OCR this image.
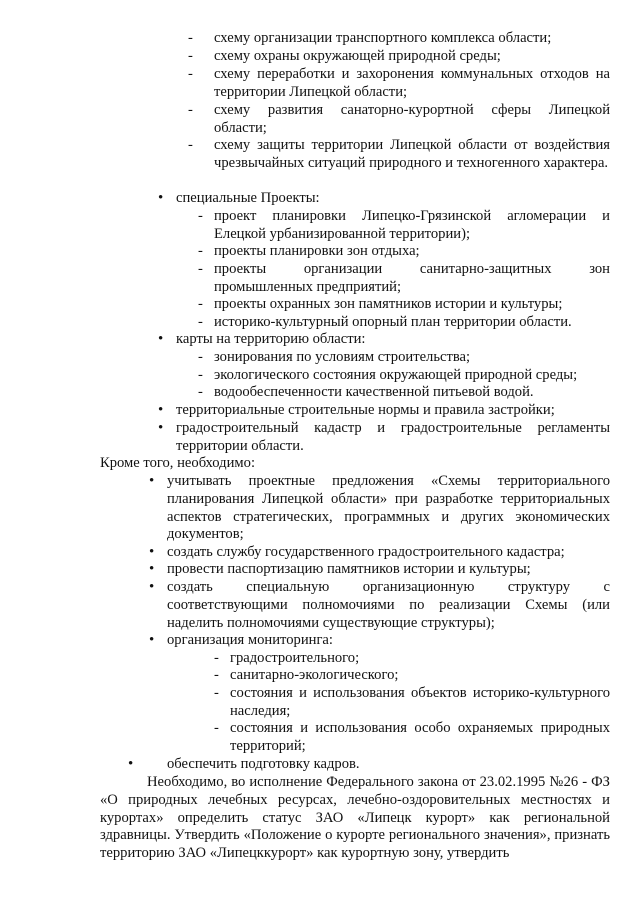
- схему организации транспортного комплекса области;
- схему охраны окружающей природной среды;
- схему переработки и захоронения коммунальных отходов на территории Липецкой области;
- схему развития санаторно-курортной сферы Липецкой области;
- схему защиты территории Липецкой области от воздействия чрезвычайных ситуаций природного и техногенного характера.
• специальные Проекты:
- проект планировки Липецко-Грязинской агломерации и Елецкой урбанизированной территории);
- проекты планировки зон отдыха;
- проекты организации санитарно-защитных зон промышленных предприятий;
- проекты охранных зон памятников истории и культуры;
- историко-культурный опорный план территории области.
• карты на территорию области:
- зонирования по условиям строительства;
- экологического состояния окружающей природной среды;
- водообеспеченности качественной питьевой водой.
• территориальные строительные нормы и правила застройки;
• градостроительный кадастр и градостроительные регламенты территории области.
Кроме того, необходимо:
• учитывать проектные предложения «Схемы территориального планирования Липецкой области» при разработке территориальных аспектов стратегических, программных и других экономических документов;
• создать службу государственного градостроительного кадастра;
• провести паспортизацию памятников истории и культуры;
• создать специальную организационную структуру с соответствующими полномочиями по реализации Схемы (или наделить полномочиями существующие структуры);
• организация мониторинга:
- градостроительного;
- санитарно-экологического;
- состояния и использования объектов историко-культурного наследия;
- состояния и использования особо охраняемых природных территорий;
• обеспечить подготовку кадров.
Необходимо, во исполнение Федерального закона от 23.02.1995 №26 - ФЗ «О природных лечебных ресурсах, лечебно-оздоровительных местностях и курортах» определить статус ЗАО «Липецк курорт» как региональной здравницы. Утвердить «Положение о курорте регионального значения», признать территорию ЗАО «Липецккурорт» как курортную зону, утвердить
